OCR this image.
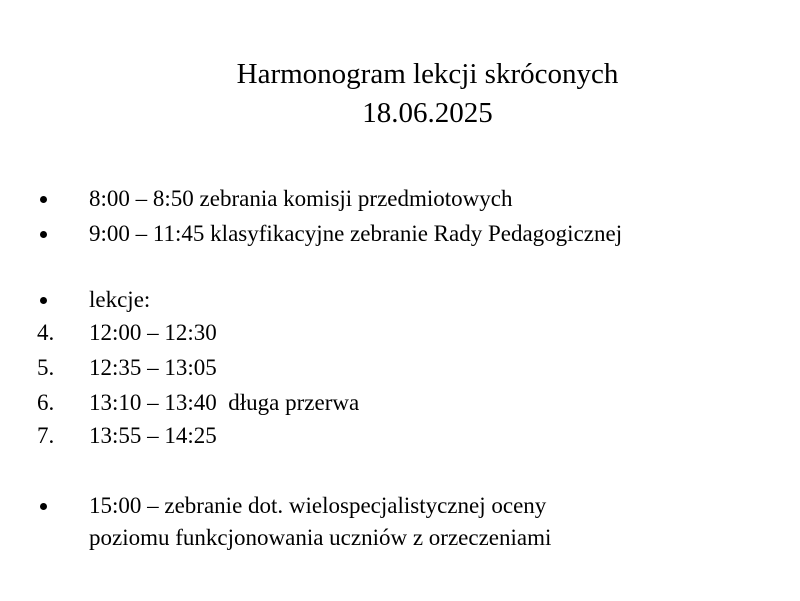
Harmonogram lekcji skróconych
18.06.2025
8:00 – 8:50 zebrania komisji przedmiotowych
9:00 – 11:45 klasyfikacyjne zebranie Rady Pedagogicznej
lekcje:
4. 12:00 – 12:30
5. 12:35 – 13:05
6. 13:10 – 13:40  długa przerwa
7. 13:55 – 14:25
15:00 – zebranie dot. wielospecjalistycznej oceny
poziomu funkcjonowania uczniów z orzeczeniami
